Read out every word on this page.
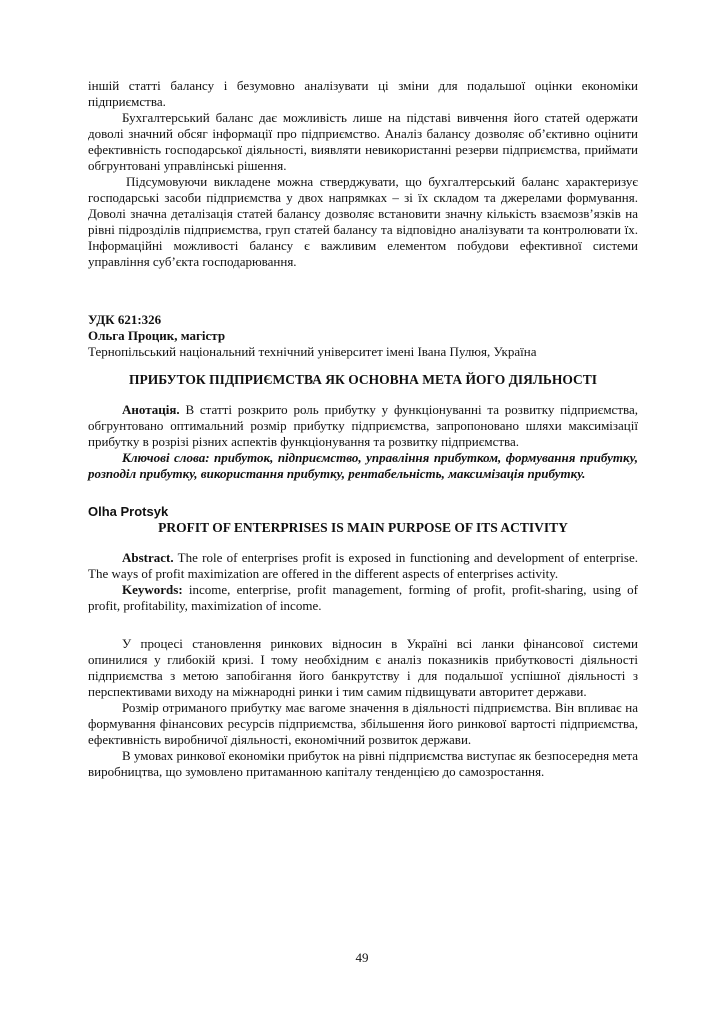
іншій статті балансу і безумовно аналізувати ці зміни для подальшої оцінки економіки підприємства.

Бухгалтерський баланс дає можливість лише на підставі вивчення його статей одержати доволі значний обсяг інформації про підприємство. Аналіз балансу дозволяє об’єктивно оцінити ефективність господарської діяльності, виявляти невикористанні резерви підприємства, приймати обгрунтовані управлінські рішення.

Підсумовуючи викладене можна стверджувати, що бухгалтерський баланс характеризує господарські засоби підприємства у двох напрямках – зі їх складом та джерелами формування. Доволі значна деталізація статей балансу дозволяє встановити значну кількість взаємозв’язків на рівні підрозділів підприємства, груп статей балансу та відповідно аналізувати та контролювати їх. Інформаційні можливості балансу є важливим елементом побудови ефективної системи управління суб’єкта господарювання.

УДК 621:326
Ольга Процик, магістр
Тернопільський національний технічний університет імені Івана Пулюя, Україна
ПРИБУТОК ПІДПРИЄМСТВА ЯК ОСНОВНА МЕТА ЙОГО ДІЯЛЬНОСТІ

Анотація. В статті розкрито роль прибутку у функціонуванні та розвитку підприємства, обгрунтовано оптимальний розмір прибутку підприємства, запропоновано шляхи максимізації прибутку в розрізі різних аспектів функціонування та розвитку підприємства.

Ключові слова: прибуток, підприємство, управління прибутком, формування прибутку, розподіл прибутку, використання прибутку, рентабельність, максимізація прибутку.

Olha Protsyk
PROFIT OF ENTERPRISES IS MAIN PURPOSE OF ITS ACTIVITY

Abstract. The role of enterprises profit is exposed in functioning and development of enterprise. The ways of profit maximization are offered in the different aspects of enterprises activity.

Keywords: income, enterprise, profit management, forming of profit, profit-sharing, using of profit, profitability, maximization of income.

У процесі становлення ринкових відносин в Україні всі ланки фінансової системи опинилися у глибокій кризі. І тому необхідним є аналіз показників прибутковості діяльності підприємства з метою запобігання його банкрутству і для подальшої успішної діяльності з перспективами виходу на міжнародні ринки і тим самим підвищувати авторитет держави.

Розмір отриманого прибутку має вагоме значення в діяльності підприємства. Він впливає на формування фінансових ресурсів підприємства, збільшення його ринкової вартості підприємства, ефективність виробничої діяльності, економічний розвиток держави.

В умовах ринкової економіки прибуток на рівні підприємства виступає як безпосередня мета виробництва, що зумовлено притаманною капіталу тенденцією до самозростання.

49
